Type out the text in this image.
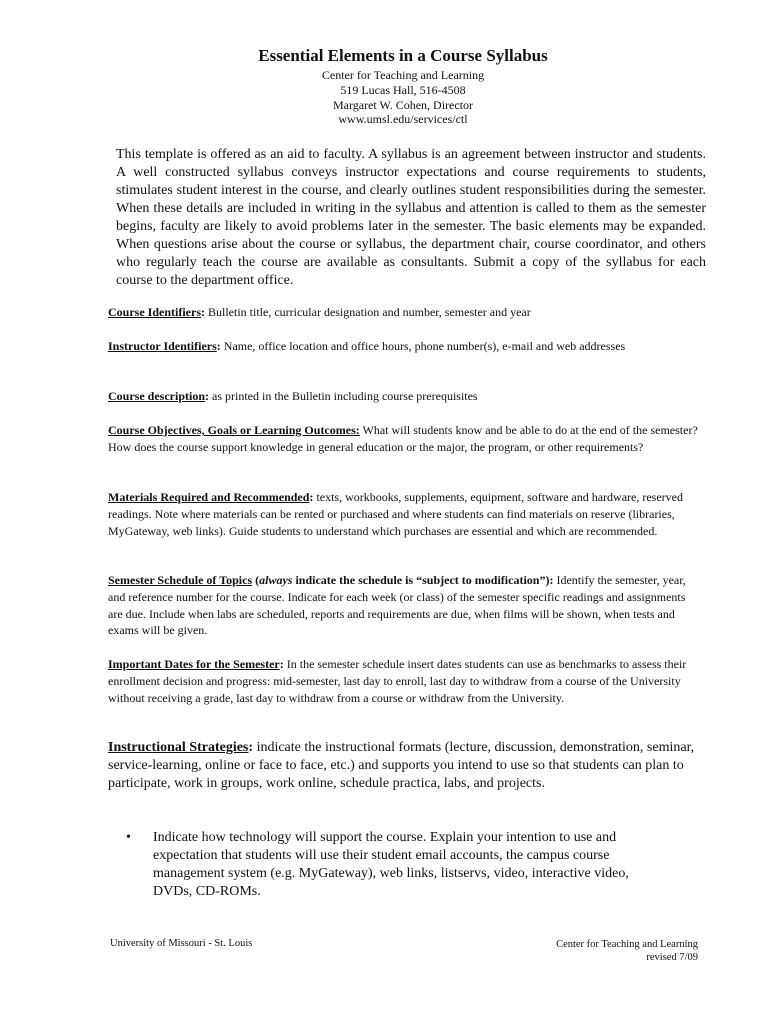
Essential Elements in a Course Syllabus
Center for Teaching and Learning
519 Lucas Hall, 516-4508
Margaret W. Cohen, Director
www.umsl.edu/services/ctl
This template is offered as an aid to faculty. A syllabus is an agreement between instructor and students. A well constructed syllabus conveys instructor expectations and course requirements to students, stimulates student interest in the course, and clearly outlines student responsibilities during the semester. When these details are included in writing in the syllabus and attention is called to them as the semester begins, faculty are likely to avoid problems later in the semester. The basic elements may be expanded. When questions arise about the course or syllabus, the department chair, course coordinator, and others who regularly teach the course are available as consultants. Submit a copy of the syllabus for each course to the department office.
Course Identifiers: Bulletin title, curricular designation and number, semester and year
Instructor Identifiers: Name, office location and office hours, phone number(s), e-mail and web addresses
Course description: as printed in the Bulletin including course prerequisites
Course Objectives, Goals or Learning Outcomes: What will students know and be able to do at the end of the semester? How does the course support knowledge in general education or the major, the program, or other requirements?
Materials Required and Recommended: texts, workbooks, supplements, equipment, software and hardware, reserved readings. Note where materials can be rented or purchased and where students can find materials on reserve (libraries, MyGateway, web links). Guide students to understand which purchases are essential and which are recommended.
Semester Schedule of Topics (always indicate the schedule is “subject to modification”): Identify the semester, year, and reference number for the course. Indicate for each week (or class) of the semester specific readings and assignments are due. Include when labs are scheduled, reports and requirements are due, when films will be shown, when tests and exams will be given.
Important Dates for the Semester: In the semester schedule insert dates students can use as benchmarks to assess their enrollment decision and progress: mid-semester, last day to enroll, last day to withdraw from a course of the University without receiving a grade, last day to withdraw from a course or withdraw from the University.
Instructional Strategies: indicate the instructional formats (lecture, discussion, demonstration, seminar, service-learning, online or face to face, etc.) and supports you intend to use so that students can plan to participate, work in groups, work online, schedule practica, labs, and projects.
•	Indicate how technology will support the course. Explain your intention to use and expectation that students will use their student email accounts, the campus course management system (e.g. MyGateway), web links, listservs, video, interactive video, DVDs, CD-ROMs.
University of Missouri - St. Louis	Center for Teaching and Learning
revised 7/09
